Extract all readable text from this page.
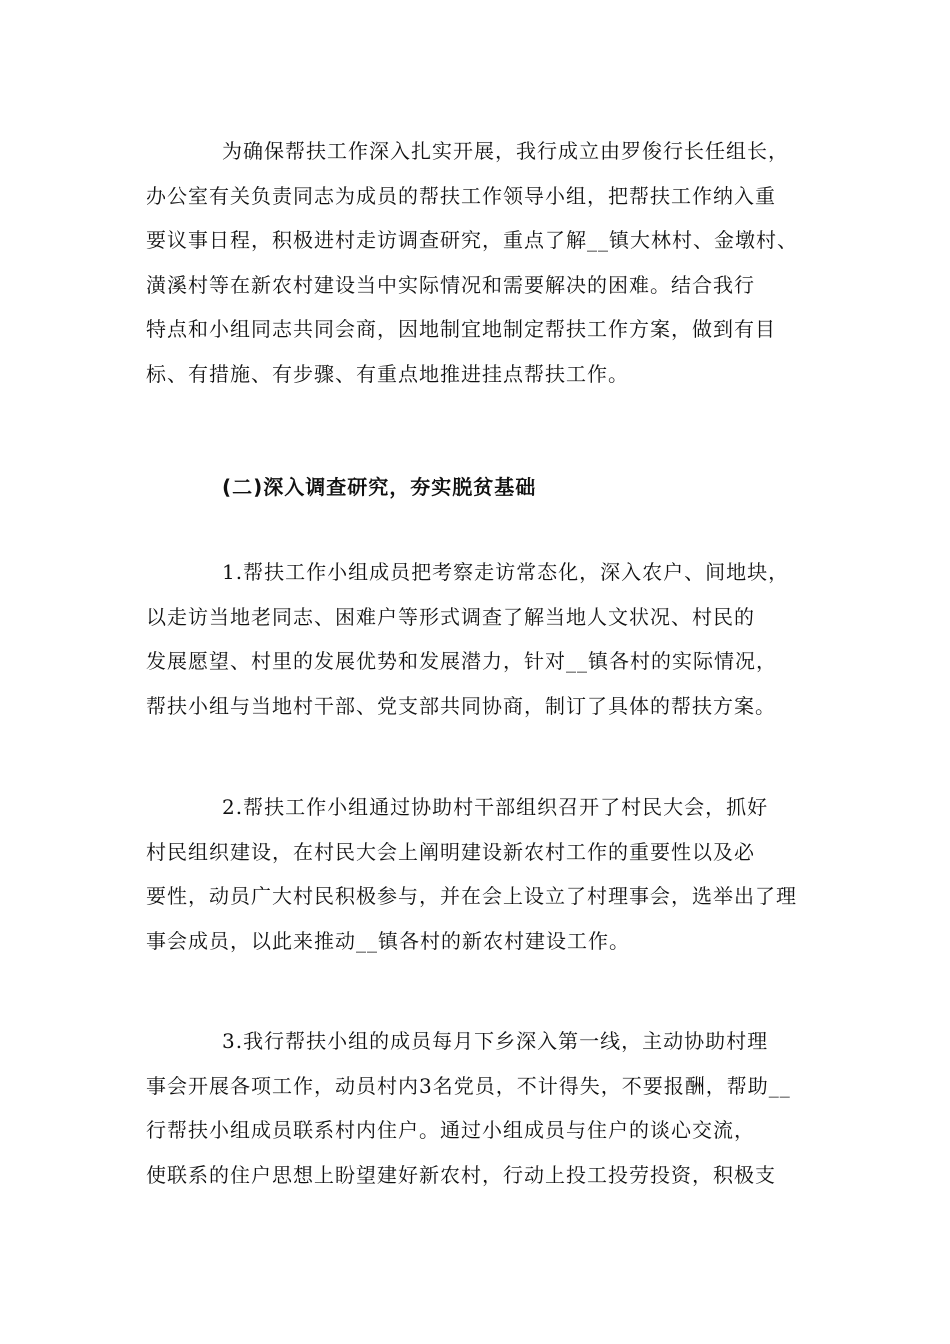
为确保帮扶工作深入扎实开展，我行成立由罗俊行长任组长，
办公室有关负责同志为成员的帮扶工作领导小组，把帮扶工作纳入重
要议事日程，积极进村走访调查研究，重点了解__镇大林村、金墩村、
潢溪村等在新农村建设当中实际情况和需要解决的困难。结合我行
特点和小组同志共同会商，因地制宜地制定帮扶工作方案，做到有目
标、有措施、有步骤、有重点地推进挂点帮扶工作。

(二)深入调查研究，夯实脱贫基础

1.帮扶工作小组成员把考察走访常态化，深入农户、间地块，
以走访当地老同志、困难户等形式调查了解当地人文状况、村民的
发展愿望、村里的发展优势和发展潜力，针对__镇各村的实际情况，
帮扶小组与当地村干部、党支部共同协商，制订了具体的帮扶方案。

2.帮扶工作小组通过协助村干部组织召开了村民大会，抓好
村民组织建设，在村民大会上阐明建设新农村工作的重要性以及必
要性，动员广大村民积极参与，并在会上设立了村理事会，选举出了理
事会成员，以此来推动__镇各村的新农村建设工作。

3.我行帮扶小组的成员每月下乡深入第一线，主动协助村理
事会开展各项工作，动员村内3名党员，不计得失，不要报酬，帮助__
行帮扶小组成员联系村内住户。通过小组成员与住户的谈心交流，
使联系的住户思想上盼望建好新农村，行动上投工投劳投资，积极支
